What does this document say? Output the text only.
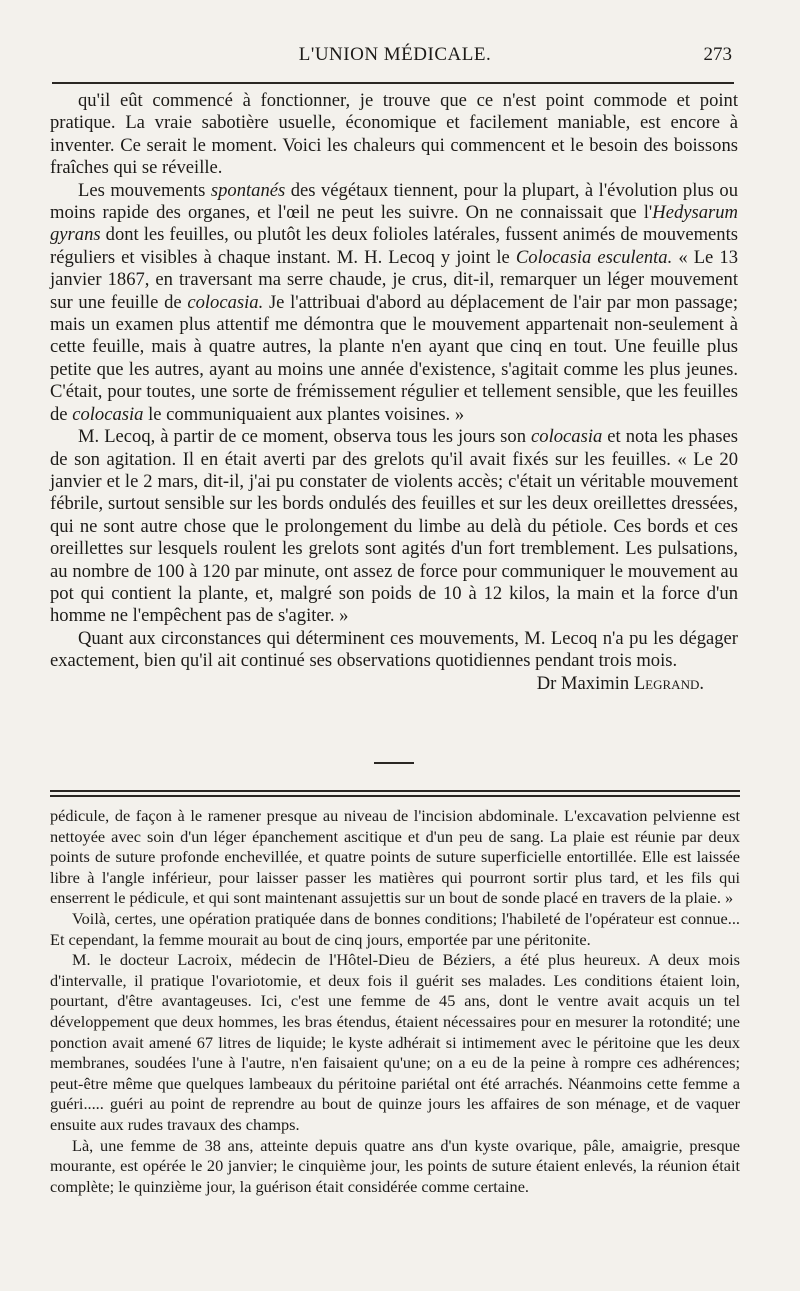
L'UNION MÉDICALE.	273

qu'il eût commencé à fonctionner, je trouve que ce n'est point commode et point pratique. La vraie sabotière usuelle, économique et facilement maniable, est encore à inventer. Ce serait le moment. Voici les chaleurs qui commencent et le besoin des boissons fraîches qui se réveille.

Les mouvements spontanés des végétaux tiennent, pour la plupart, à l'évolution plus ou moins rapide des organes, et l'œil ne peut les suivre. On ne connaissait que l'Hedysarum gyrans dont les feuilles, ou plutôt les deux folioles latérales, fussent animés de mouvements réguliers et visibles à chaque instant. M. H. Lecoq y joint le Colocasia esculenta. « Le 13 janvier 1867, en traversant ma serre chaude, je crus, dit-il, remarquer un léger mouvement sur une feuille de colocasia. Je l'attribuai d'abord au déplacement de l'air par mon passage; mais un examen plus attentif me démontra que le mouvement appartenait non-seulement à cette feuille, mais à quatre autres, la plante n'en ayant que cinq en tout. Une feuille plus petite que les autres, ayant au moins une année d'existence, s'agitait comme les plus jeunes. C'était, pour toutes, une sorte de frémissement régulier et tellement sensible, que les feuilles de colocasia le communiquaient aux plantes voisines. »

M. Lecoq, à partir de ce moment, observa tous les jours son colocasia et nota les phases de son agitation. Il en était averti par des grelots qu'il avait fixés sur les feuilles. « Le 20 janvier et le 2 mars, dit-il, j'ai pu constater de violents accès; c'était un véritable mouvement fébrile, surtout sensible sur les bords ondulés des feuilles et sur les deux oreillettes dressées, qui ne sont autre chose que le prolongement du limbe au delà du pétiole. Ces bords et ces oreillettes sur lesquels roulent les grelots sont agités d'un fort tremblement. Les pulsations, au nombre de 100 à 120 par minute, ont assez de force pour communiquer le mouvement au pot qui contient la plante, et, malgré son poids de 10 à 12 kilos, la main et la force d'un homme ne l'empêchent pas de s'agiter. »

Quant aux circonstances qui déterminent ces mouvements, M. Lecoq n'a pu les dégager exactement, bien qu'il ait continué ses observations quotidiennes pendant trois mois.

Dr Maximin Legrand.

pédicule, de façon à le ramener presque au niveau de l'incision abdominale. L'excavation pelvienne est nettoyée avec soin d'un léger épanchement ascitique et d'un peu de sang. La plaie est réunie par deux points de suture profonde enchevillée, et quatre points de suture superficielle entortillée. Elle est laissée libre à l'angle inférieur, pour laisser passer les matières qui pourront sortir plus tard, et les fils qui enserrent le pédicule, et qui sont maintenant assujettis sur un bout de sonde placé en travers de la plaie. »

Voilà, certes, une opération pratiquée dans de bonnes conditions; l'habileté de l'opérateur est connue... Et cependant, la femme mourait au bout de cinq jours, emportée par une péritonite.

M. le docteur Lacroix, médecin de l'Hôtel-Dieu de Béziers, a été plus heureux. A deux mois d'intervalle, il pratique l'ovariotomie, et deux fois il guérit ses malades. Les conditions étaient loin, pourtant, d'être avantageuses. Ici, c'est une femme de 45 ans, dont le ventre avait acquis un tel développement que deux hommes, les bras étendus, étaient nécessaires pour en mesurer la rotondité; une ponction avait amené 67 litres de liquide; le kyste adhérait si intimement avec le péritoine que les deux membranes, soudées l'une à l'autre, n'en faisaient qu'une; on a eu de la peine à rompre ces adhérences; peut-être même que quelques lambeaux du péritoine pariétal ont été arrachés. Néanmoins cette femme a guéri..... guéri au point de reprendre au bout de quinze jours les affaires de son ménage, et de vaquer ensuite aux rudes travaux des champs.

Là, une femme de 38 ans, atteinte depuis quatre ans d'un kyste ovarique, pâle, amaigrie, presque mourante, est opérée le 20 janvier; le cinquième jour, les points de suture étaient enlevés, la réunion était complète; le quinzième jour, la guérison était considérée comme certaine.
